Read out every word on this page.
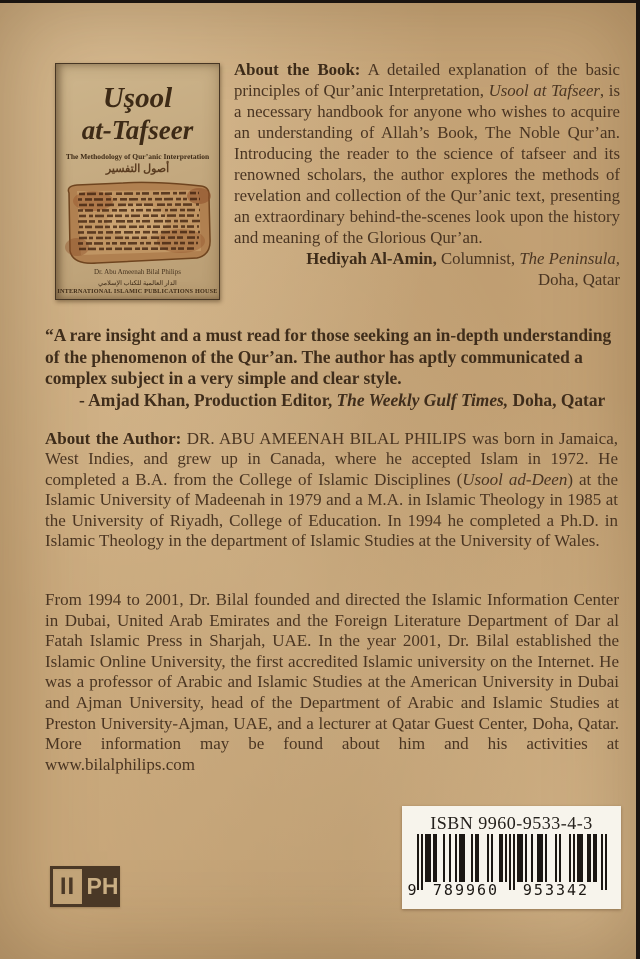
Uşool
at-Tafseer
The Methodology of Qur’anic Interpretation
أصول التفسير
Dr. Abu Ameenah Bilal Philips
الدار العالمية للكتاب الإسلامي
INTERNATIONAL ISLAMIC PUBLICATIONS HOUSE

About the Book: A detailed explanation of the basic principles of Qur’anic Interpretation, Usool at Tafseer, is a necessary handbook for anyone who wishes to acquire an understanding of Allah’s Book, The Noble Qur’an. Introducing the reader to the science of tafseer and its renowned scholars, the author explores the methods of revelation and collection of the Qur’anic text, presenting an extraordinary behind-the-scenes look upon the history and meaning of the Glorious Qur’an.

Hediyah Al-Amin, Columnist, The Peninsula,
Doha, Qatar
“A rare insight and a must read for those seeking an in-depth understanding of the phenomenon of the Qur’an. The author has aptly communicated a complex subject in a very simple and clear style.
- Amjad Khan, Production Editor, The Weekly Gulf Times, Doha, Qatar
About the Author: DR. ABU AMEENAH BILAL PHILIPS was born in Jamaica, West Indies, and grew up in Canada, where he accepted Islam in 1972. He completed a B.A. from the College of Islamic Disciplines (Usool ad-Deen) at the Islamic University of Madeenah in 1979 and a M.A. in Islamic Theology in 1985 at the University of Riyadh, College of Education. In 1994 he completed a Ph.D. in Islamic Theology in the department of Islamic Studies at the University of Wales.
From 1994 to 2001, Dr. Bilal founded and directed the Islamic Information Center in Dubai, United Arab Emirates and the Foreign Literature Department of Dar al Fatah Islamic Press in Sharjah, UAE. In the year 2001, Dr. Bilal established the Islamic Online University, the first accredited Islamic university on the Internet. He was a professor of Arabic and Islamic Studies at the American University in Dubai and Ajman University, head of the Department of Arabic and Islamic Studies at Preston University-Ajman, UAE, and a lecturer at Qatar Guest Center, Doha, Qatar. More information may be found about him and his activities at www.bilalphilips.com
ISBN 9960-9533-4-3
9	789960	953342
II PH
